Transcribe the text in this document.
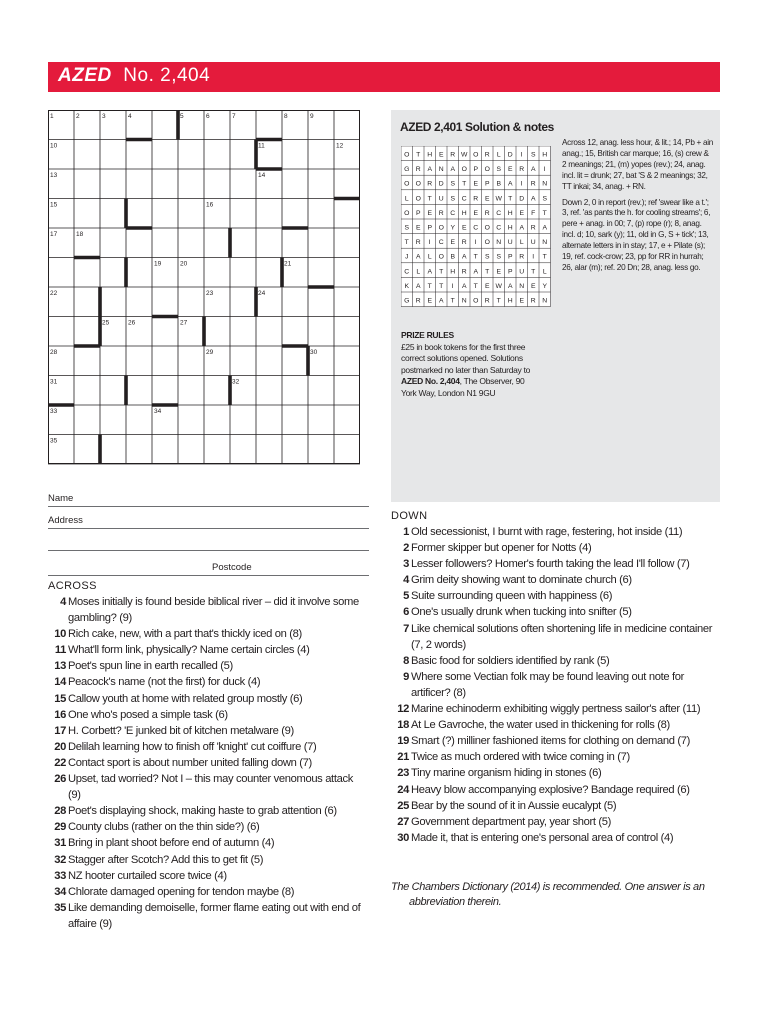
AZED No. 2,404
1	2	3	4	5	6	7	8	9
10	11	12
13	14
15	16
17	18
19	20	21
22	23	24
25	26	27
28	29	30
31	32
33	34
35
AZED 2,401 Solution & notes
O T H E R W O R L D I S H
G R A N A O P O S E R A I
O O R D S T E P B A I R N
L O T U S C R E W T D A S
O P E R C H E R C H E F T
S E P O Y E C O C H A R A
T R I C E R I O N U L U N
J A L O B A T S S P R I T
C L A T H R A T E P U T L
K A T T I A T E W A N E Y
G R E A T N O R T H E R N
Across 12, anag. less hour, & lit.; 14, Pb + ain anag.; 15, British car marque; 16, (s) crew & 2 meanings; 21, (m) yopes (rev.); 24, anag. incl. lit = drunk; 27, bat 'S & 2 meanings; 32, TT inkai; 34, anag. + RN.
Down 2, 0 in report (rev.); ref 'swear like a t.'; 3, ref. 'as pants the h. for cooling streams'; 6, pere + anag. in 00; 7, (p) rope (r); 8, anag. incl. d; 10, sark (y); 11, old in G, S + tick'; 13, alternate letters in in stay; 17, e + Pilate (s); 19, ref. cock-crow; 23, pp for RR in hurrah; 26, alar (m); ref. 20 Dn; 28, anag. less go.
PRIZE RULES
£25 in book tokens for the first three correct solutions opened. Solutions postmarked no later than Saturday to AZED No. 2,404, The Observer, 90 York Way, London N1 9GU
Name
Address
Postcode
ACROSS
4 Moses initially is found beside biblical river – did it involve some gambling? (9)
10 Rich cake, new, with a part that's thickly iced on (8)
11 What'll form link, physically? Name certain circles (4)
13 Poet's spun line in earth recalled (5)
14 Peacock's name (not the first) for duck (4)
15 Callow youth at home with related group mostly (6)
16 One who's posed a simple task (6)
17 H. Corbett? 'E junked bit of kitchen metalware (9)
20 Delilah learning how to finish off 'knight' cut coiffure (7)
22 Contact sport is about number united falling down (7)
26 Upset, tad worried? Not I – this may counter venomous attack (9)
28 Poet's displaying shock, making haste to grab attention (6)
29 County clubs (rather on the thin side?) (6)
31 Bring in plant shoot before end of autumn (4)
32 Stagger after Scotch? Add this to get fit (5)
33 NZ hooter curtailed score twice (4)
34 Chlorate damaged opening for tendon maybe (8)
35 Like demanding demoiselle, former flame eating out with end of affaire (9)
DOWN
1 Old secessionist, I burnt with rage, festering, hot inside (11)
2 Former skipper but opener for Notts (4)
3 Lesser followers? Homer's fourth taking the lead I'll follow (7)
4 Grim deity showing want to dominate church (6)
5 Suite surrounding queen with happiness (6)
6 One's usually drunk when tucking into snifter (5)
7 Like chemical solutions often shortening life in medicine container (7, 2 words)
8 Basic food for soldiers identified by rank (5)
9 Where some Vectian folk may be found leaving out note for artificer? (8)
12 Marine echinoderm exhibiting wiggly pertness sailor's after (11)
18 At Le Gavroche, the water used in thickening for rolls (8)
19 Smart (?) milliner fashioned items for clothing on demand (7)
21 Twice as much ordered with twice coming in (7)
23 Tiny marine organism hiding in stones (6)
24 Heavy blow accompanying explosive? Bandage required (6)
25 Bear by the sound of it in Aussie eucalypt (5)
27 Government department pay, year short (5)
30 Made it, that is entering one's personal area of control (4)
The Chambers Dictionary (2014) is recommended. One answer is an abbreviation therein.
